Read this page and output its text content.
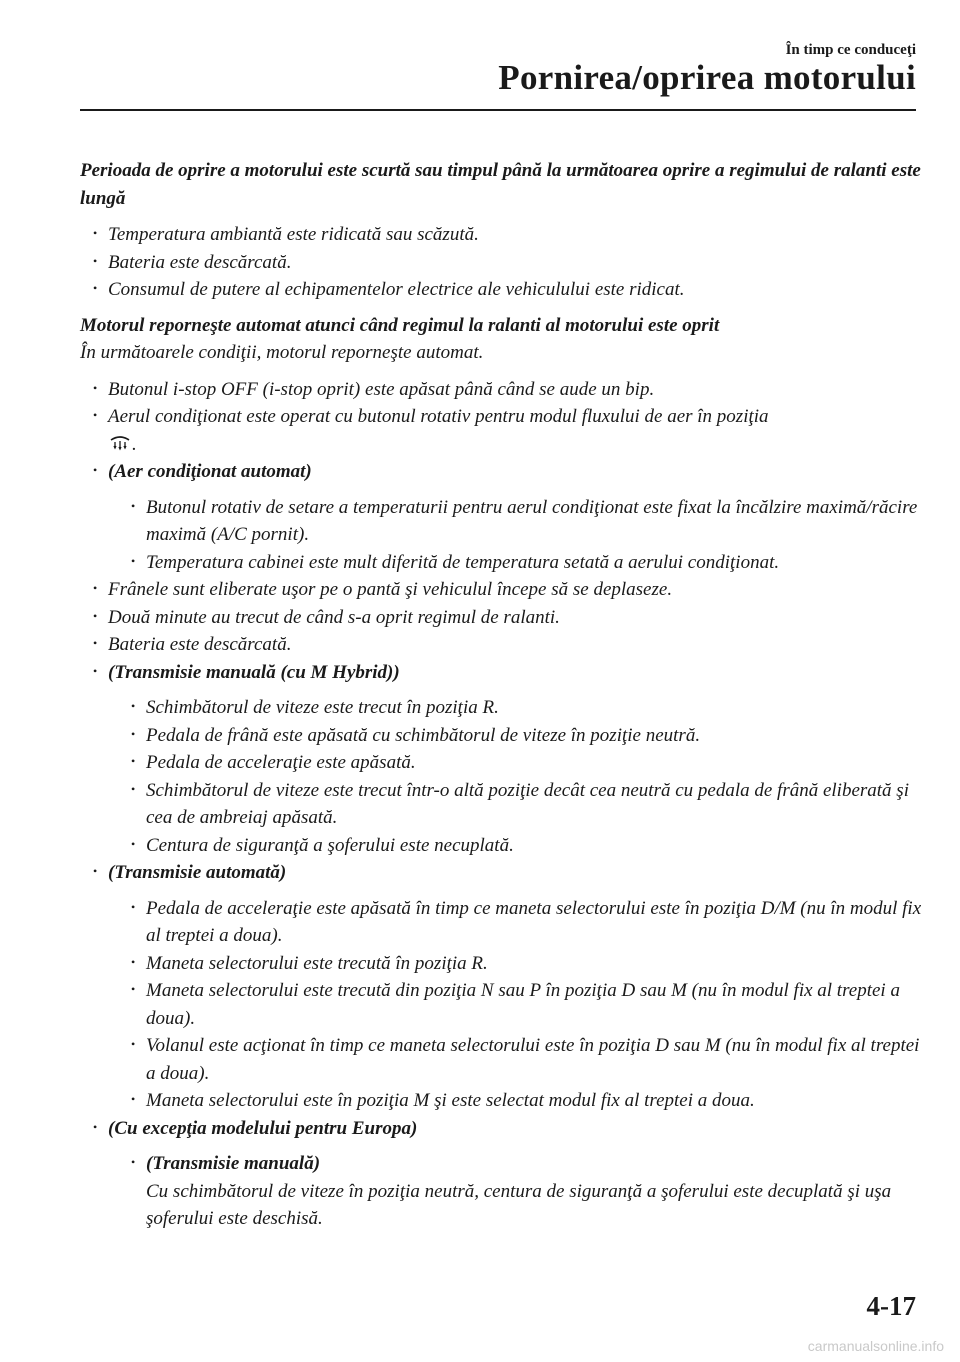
În timp ce conduceţi
Pornirea/oprirea motorului
Perioada de oprire a motorului este scurtă sau timpul până la următoarea oprire a regimului de ralanti este lungă
• Temperatura ambiantă este ridicată sau scăzută.
• Bateria este descărcată.
• Consumul de putere al echipamentelor electrice ale vehiculului este ridicat.
Motorul reporneşte automat atunci când regimul la ralanti al motorului este oprit
În următoarele condiţii, motorul reporneşte automat.
• Butonul i-stop OFF (i-stop oprit) este apăsat până când se aude un bip.
• Aerul condiţionat este operat cu butonul rotativ pentru modul fluxului de aer în poziţia
.
• (Aer condiţionat automat)
• Butonul rotativ de setare a temperaturii pentru aerul condiţionat este fixat la încălzire maximă/răcire maximă (A/C pornit).
• Temperatura cabinei este mult diferită de temperatura setată a aerului condiţionat.
• Frânele sunt eliberate uşor pe o pantă şi vehiculul începe să se deplaseze.
• Două minute au trecut de când s-a oprit regimul de ralanti.
• Bateria este descărcată.
• (Transmisie manuală (cu M Hybrid))
• Schimbătorul de viteze este trecut în poziţia R.
• Pedala de frână este apăsată cu schimbătorul de viteze în poziţie neutră.
• Pedala de acceleraţie este apăsată.
• Schimbătorul de viteze este trecut într-o altă poziţie decât cea neutră cu pedala de frână eliberată şi cea de ambreiaj apăsată.
• Centura de siguranţă a şoferului este necuplată.
• (Transmisie automată)
• Pedala de acceleraţie este apăsată în timp ce maneta selectorului este în poziţia D/M (nu în modul fix al treptei a doua).
• Maneta selectorului este trecută în poziţia R.
• Maneta selectorului este trecută din poziţia N sau P în poziţia D sau M (nu în modul fix al treptei a doua).
• Volanul este acţionat în timp ce maneta selectorului este în poziţia D sau M (nu în modul fix al treptei a doua).
• Maneta selectorului este în poziţia M şi este selectat modul fix al treptei a doua.
• (Cu excepţia modelului pentru Europa)
• (Transmisie manuală)
Cu schimbătorul de viteze în poziţia neutră, centura de siguranţă a şoferului este decuplată şi uşa şoferului este deschisă.
4-17
carmanualsonline.info
